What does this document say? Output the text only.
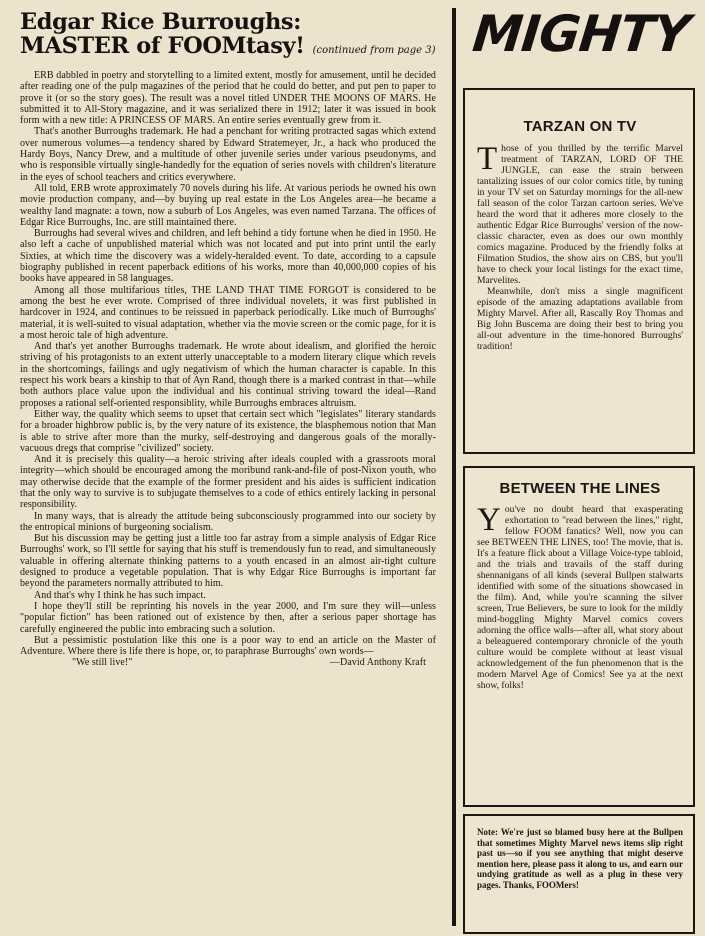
Edgar Rice Burroughs:
MASTER of FOOMtasy! (continued from page 3)

ERB dabbled in poetry and storytelling to a limited extent, mostly for amusement, until he decided after reading one of the pulp magazines of the period that he could do better, and put pen to paper to prove it (or so the story goes). The result was a novel titled UNDER THE MOONS OF MARS. He submitted it to All-Story magazine, and it was serialized there in 1912; later it was issued in book form with a new title: A PRINCESS OF MARS. An entire series eventually grew from it.

That's another Burroughs trademark. He had a penchant for writing protracted sagas which extend over numerous volumes—a tendency shared by Edward Stratemeyer, Jr., a hack who produced the Hardy Boys, Nancy Drew, and a multitude of other juvenile series under various pseudonyms, and who is responsible virtually single-handedly for the equation of series novels with children's literature in the eyes of school teachers and critics everywhere.

All told, ERB wrote approximately 70 novels during his life. At various periods he owned his own movie production company, and—by buying up real estate in the Los Angeles area—he became a wealthy land magnate: a town, now a suburb of Los Angeles, was even named Tarzana. The offices of Edgar Rice Burroughs, Inc. are still maintained there.

Burroughs had several wives and children, and left behind a tidy fortune when he died in 1950. He also left a cache of unpublished material which was not located and put into print until the early Sixties, at which time the discovery was a widely-heralded event. To date, according to a capsule biography published in recent paperback editions of his works, more than 40,000,000 copies of his books have appeared in 58 languages.

Among all those multifarious titles, THE LAND THAT TIME FORGOT is considered to be among the best he ever wrote. Comprised of three individual novelets, it was first published in hardcover in 1924, and continues to be reissued in paperback periodically. Like much of Burroughs' material, it is well-suited to visual adaptation, whether via the movie screen or the comic page, for it is a most heroic tale of high adventure.

And that's yet another Burroughs trademark. He wrote about idealism, and glorified the heroic striving of his protagonists to an extent utterly unacceptable to a modern literary clique which revels in the shortcomings, failings and ugly negativism of which the human character is capable. In this respect his work bears a kinship to that of Ayn Rand, though there is a marked contrast in that—while both authors place value upon the individual and his continual striving toward the ideal—Rand proposes a rational self-oriented responsiblity, while Burroughs embraces altruism.

Either way, the quality which seems to upset that certain sect which "legislates" literary standards for a broader highbrow public is, by the very nature of its existence, the blasphemous notion that Man is able to strive after more than the murky, self-destroying and dangerous goals of the morally-vacuous dregs that comprise "civilized" society.

And it is precisely this quality—a heroic striving after ideals coupled with a grassroots moral integrity—which should be encouraged among the moribund rank-and-file of post-Nixon youth, who may otherwise decide that the example of the former president and his aides is sufficient indication that the only way to survive is to subjugate themselves to a code of ethics entirely lacking in personal responsibility.

In many ways, that is already the attitude being subconsciously programmed into our society by the entropical minions of burgeoning socialism.

But his discussion may be getting just a little too far astray from a simple analysis of Edgar Rice Burroughs' work, so I'll settle for saying that his stuff is tremendously fun to read, and simultaneously valuable in offering alternate thinking patterns to a youth encased in an almost air-tight culture designed to produce a vegetable population. That is why Edgar Rice Burroughs is important far beyond the parameters normally attributed to him.

And that's why I think he has such impact.

I hope they'll still be reprinting his novels in the year 2000, and I'm sure they will—unless "popular fiction" has been rationed out of existence by then, after a serious paper shortage has carefully engineered the public into embracing such a solution.

But a pessimistic postulation like this one is a poor way to end an article on the Master of Adventure. Where there is life there is hope, or, to paraphrase Burroughs' own words—

"We still live!"	—David Anthony Kraft
MIGHTY
TARZAN ON TV

Those of you thrilled by the terrific Marvel treatment of TARZAN, LORD OF THE JUNGLE, can ease the strain between tantalizing issues of our color comics title, by tuning in your TV set on Saturday mornings for the all-new fall season of the color Tarzan cartoon series. We've heard the word that it adheres more closely to the authentic Edgar Rice Burroughs' version of the now-classic character, even as does our own monthly comics magazine. Produced by the friendly folks at Filmation Studios, the show airs on CBS, but you'll have to check your local listings for the exact time, Marvelites.

Meanwhile, don't miss a single magnificent episode of the amazing adaptations available from Mighty Marvel. After all, Rascally Roy Thomas and Big John Buscema are doing their best to bring you all-out adventure in the time-honored Burroughs' tradition!

BETWEEN THE LINES

You've no doubt heard that exasperating exhortation to "read between the lines," right, fellow FOOM fanatics? Well, now you can see BETWEEN THE LINES, too! The movie, that is. It's a feature flick about a Village Voice-type tabloid, and the trials and travails of the staff during shennanigans of all kinds (several Bullpen stalwarts identified with some of the situations showcased in the film). And, while you're scanning the silver screen, True Believers, be sure to look for the mildly mind-boggling Mighty Marvel comics covers adorning the office walls—after all, what story about a beleaguered contemporary chronicle of the youth culture would be complete without at least visual acknowledgement of the fun phenomenon that is the modern Marvel Age of Comics! See ya at the next show, folks!

Note: We're just so blamed busy here at the Bullpen that sometimes Mighty Marvel news items slip right past us—so if you see anything that might deserve mention here, please pass it along to us, and earn our undying gratitude as well as a plug in these very pages. Thanks, FOOMers!
